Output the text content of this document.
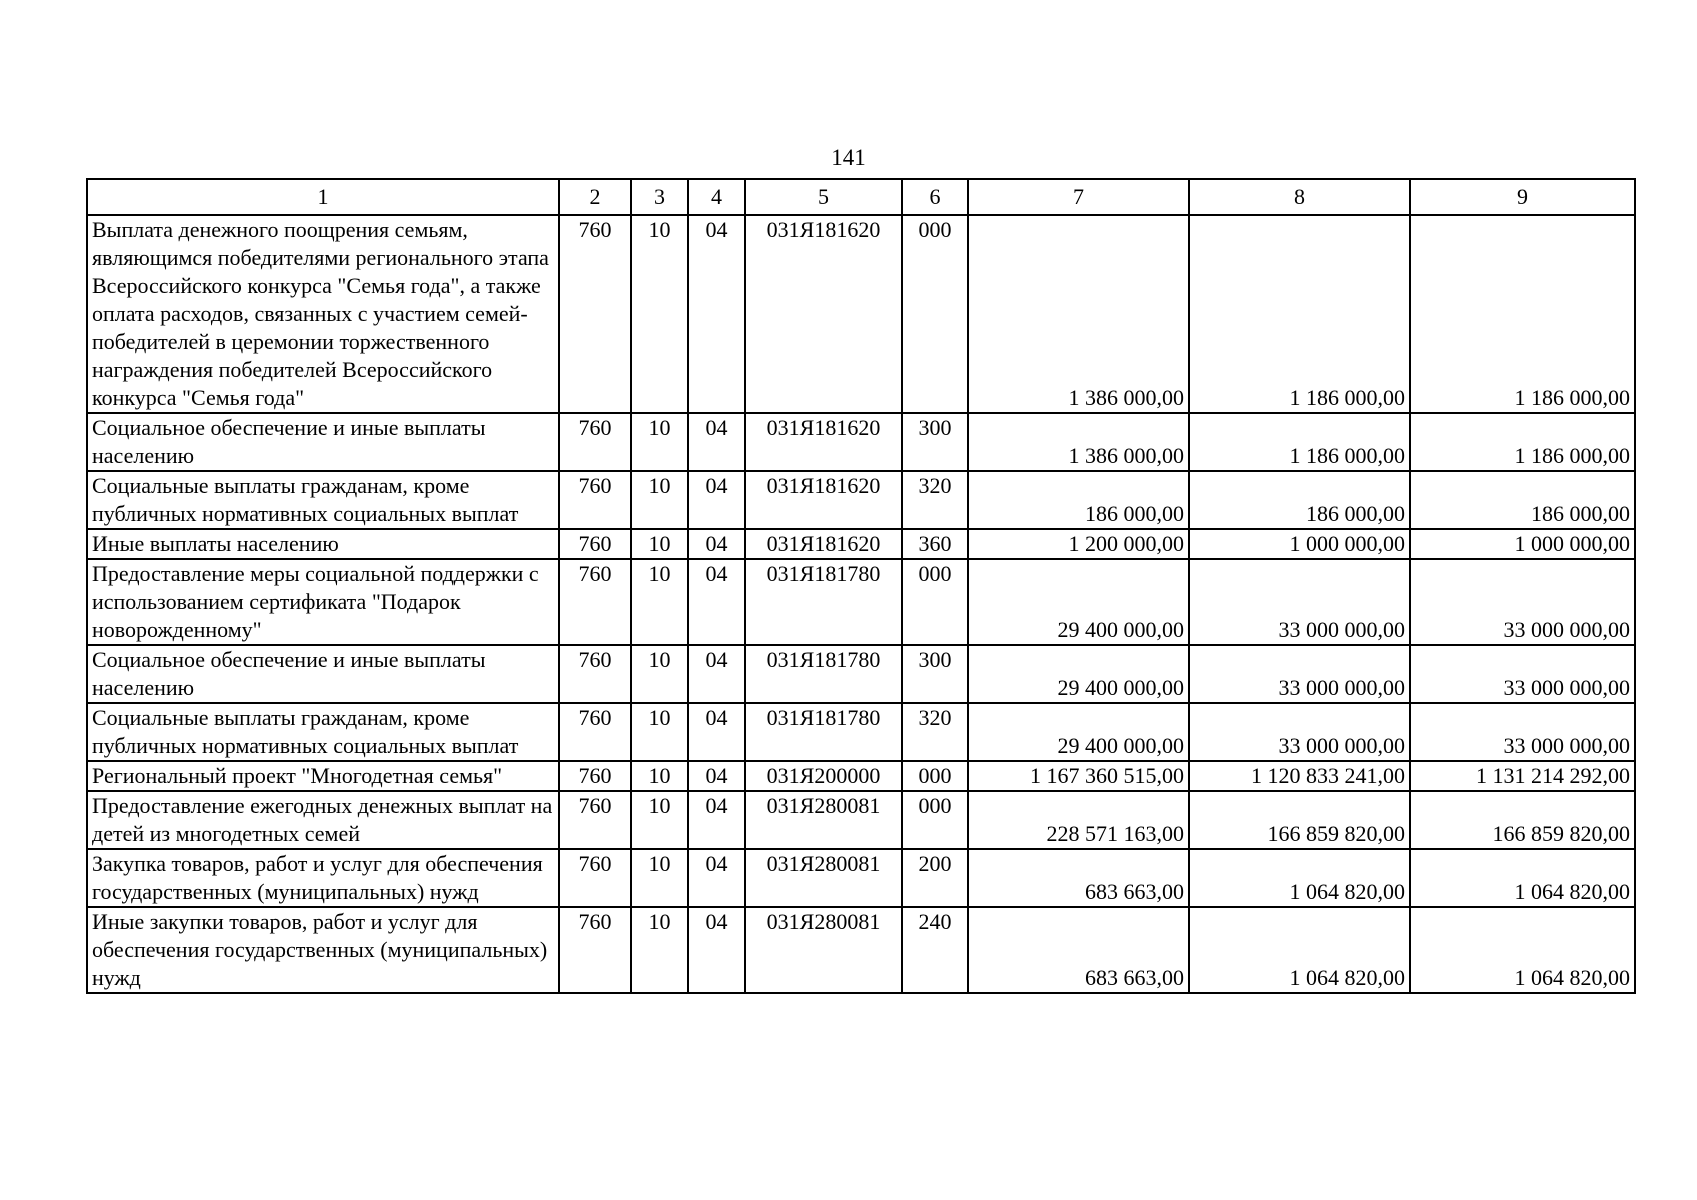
141
1	2	3	4	5	6	7	8	9
Выплата денежного поощрения семьям, являющимся победителями регионального этапа Всероссийского конкурса "Семья года", а также оплата расходов, связанных с участием семей-победителей в церемонии торжественного награждения победителей Всероссийского конкурса "Семья года"	760	10	04	031Я181620	000	1 386 000,00	1 186 000,00	1 186 000,00
Социальное обеспечение и иные выплаты населению	760	10	04	031Я181620	300	1 386 000,00	1 186 000,00	1 186 000,00
Социальные выплаты гражданам, кроме публичных нормативных социальных выплат	760	10	04	031Я181620	320	186 000,00	186 000,00	186 000,00
Иные выплаты населению	760	10	04	031Я181620	360	1 200 000,00	1 000 000,00	1 000 000,00
Предоставление меры социальной поддержки с использованием сертификата "Подарок новорожденному"	760	10	04	031Я181780	000	29 400 000,00	33 000 000,00	33 000 000,00
Социальное обеспечение и иные выплаты населению	760	10	04	031Я181780	300	29 400 000,00	33 000 000,00	33 000 000,00
Социальные выплаты гражданам, кроме публичных нормативных социальных выплат	760	10	04	031Я181780	320	29 400 000,00	33 000 000,00	33 000 000,00
Региональный проект "Многодетная семья"	760	10	04	031Я200000	000	1 167 360 515,00	1 120 833 241,00	1 131 214 292,00
Предоставление ежегодных денежных выплат на детей из многодетных семей	760	10	04	031Я280081	000	228 571 163,00	166 859 820,00	166 859 820,00
Закупка товаров, работ и услуг для обеспечения государственных (муниципальных) нужд	760	10	04	031Я280081	200	683 663,00	1 064 820,00	1 064 820,00
Иные закупки товаров, работ и услуг для обеспечения государственных (муниципальных) нужд	760	10	04	031Я280081	240	683 663,00	1 064 820,00	1 064 820,00
